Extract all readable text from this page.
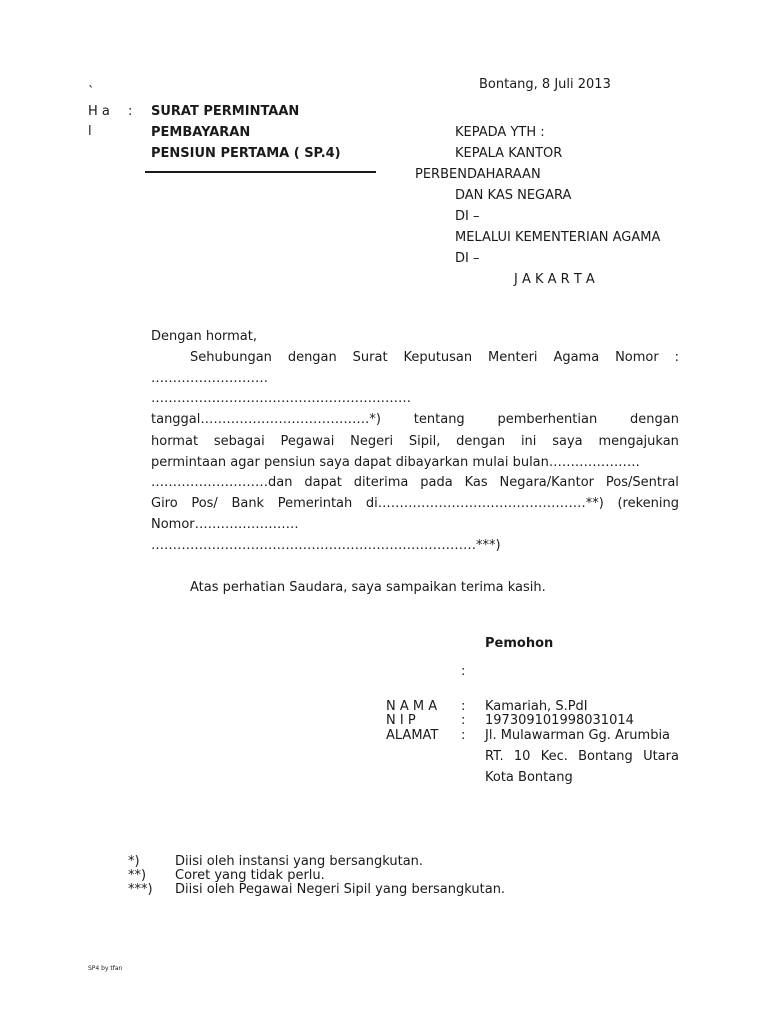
Bontang, 8 Juli 2013
`
H a
l
: SURAT PERMINTAAN
PEMBAYARAN
PENSIUN PERTAMA ( SP.4)
KEPADA YTH :
KEPALA KANTOR
PERBENDAHARAAN
DAN KAS NEGARA
DI –
MELALUI KEMENTERIAN AGAMA
DI –
J A K A R T A
Dengan hormat,
Sehubungan dengan Surat Keputusan Menteri Agama Nomor :
………………………
……………………………………………………
tanggal…………………………………*)	tentang	pemberhentian	dengan
hormat sebagai Pegawai Negeri Sipil, dengan ini saya mengajukan
permintaan agar pensiun saya dapat dibayarkan mulai bulan…………………
………………………dan dapat diterima pada Kas Negara/Kantor Pos/Sentral
Giro Pos/ Bank Pemerintah di…………………………………………**) (rekening
Nomor……………………
…………………………………………………………………***)
Atas perhatian Saudara, saya sampaikan terima kasih.
Pemohon
:
N A M A : Kamariah, S.PdI
N I P	: 197309101998031014
ALAMAT : Jl. Mulawarman Gg. Arumbia
RT. 10 Kec. Bontang Utara
Kota Bontang
*)	Diisi oleh instansi yang bersangkutan.
**) Coret yang tidak perlu.
***) Diisi oleh Pegawai Negeri Sipil yang bersangkutan.
SP4 by tfan
